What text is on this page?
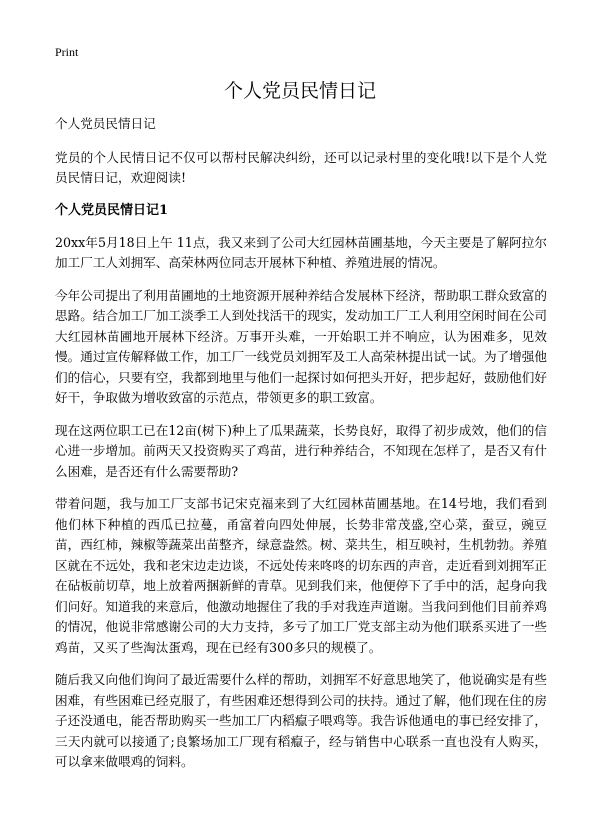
Print
个人党员民情日记

个人党员民情日记

党员的个人民情日记不仅可以帮村民解决纠纷，还可以记录村里的变化哦!以下是个人党员民情日记，欢迎阅读!

个人党员民情日记1

20xx年5月18日上午 11点，我又来到了公司大红园林苗圃基地，今天主要是了解阿拉尔加工厂工人刘拥军、高荣林两位同志开展林下种植、养殖进展的情况。

今年公司提出了利用苗圃地的土地资源开展种养结合发展林下经济，帮助职工群众致富的思路。结合加工厂加工淡季工人到处找活干的现实，发动加工厂工人利用空闲时间在公司大红园林苗圃地开展林下经济。万事开头难，一开始职工并不响应，认为困难多，见效慢。通过宣传解释做工作，加工厂一线党员刘拥军及工人高荣林提出试一试。为了增强他们的信心，只要有空，我都到地里与他们一起探讨如何把头开好，把步起好，鼓励他们好好干，争取做为增收致富的示范点，带领更多的职工致富。

现在这两位职工已在12亩(树下)种上了瓜果蔬菜，长势良好，取得了初步成效，他们的信心进一步增加。前两天又投资购买了鸡苗，进行种养结合，不知现在怎样了，是否又有什么困难，是否还有什么需要帮助?

带着问题，我与加工厂支部书记宋克福来到了大红园林苗圃基地。在14号地，我们看到他们林下种植的西瓜已拉蔓，甬富着向四处伸展，长势非常茂盛,空心菜，蚕豆，豌豆苗，西红柿，辣椒等蔬菜出苗整齐，绿意盎然。树、菜共生，相互映衬，生机勃勃。养殖区就在不远处，我和老宋边走边谈，不远处传来咚咚的切东西的声音，走近看到刘拥军正在砧板前切草，地上放着两捆新鲜的青草。见到我们来，他便停下了手中的活，起身向我们问好。知道我的来意后，他激动地握住了我的手对我连声道谢。当我问到他们目前养鸡的情况，他说非常感谢公司的大力支持，多亏了加工厂党支部主动为他们联系买进了一些鸡苗，又买了些淘汰蛋鸡，现在已经有300多只的规模了。

随后我又向他们询问了最近需要什么样的帮助，刘拥军不好意思地笑了，他说确实是有些困难，有些困难已经克服了，有些困难还想得到公司的扶持。通过了解，他们现在住的房子还没通电，能否帮助购买一些加工厂内稻癙子喂鸡等。我告诉他通电的事已经安排了，三天内就可以接通了;良繁场加工厂现有稻癙子，经与销售中心联系一直也没有人购买，可以拿来做喂鸡的饲料。
